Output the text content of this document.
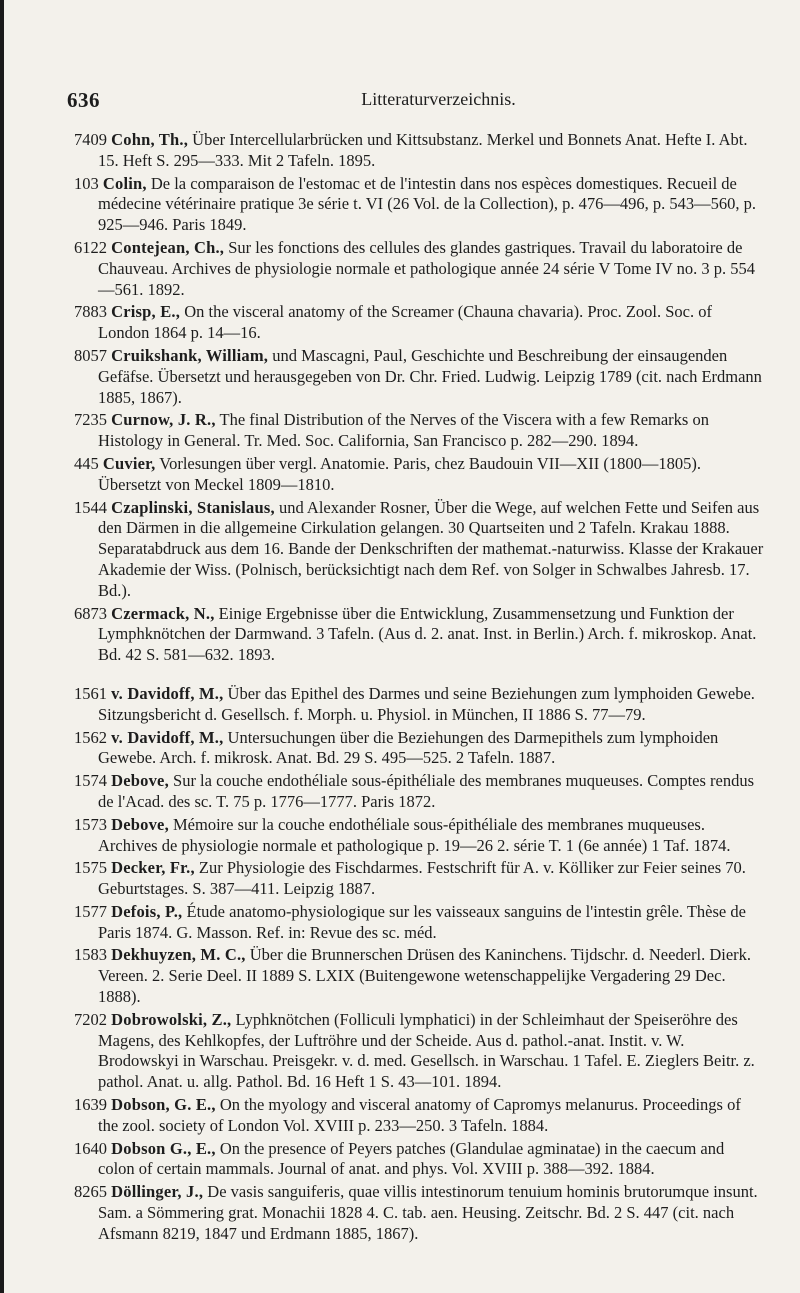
636	Litteraturverzeichnis.

7409 Cohn, Th., Über Intercellularbrücken und Kittsubstanz. Merkel und Bonnets Anat. Hefte I. Abt. 15. Heft S. 295—333. Mit 2 Tafeln. 1895.

103 Colin, De la comparaison de l'estomac et de l'intestin dans nos espèces domestiques. Recueil de médecine vétérinaire pratique 3e série t. VI (26 Vol. de la Collection), p. 476—496, p. 543—560, p. 925—946. Paris 1849.

6122 Contejean, Ch., Sur les fonctions des cellules des glandes gastriques. Travail du laboratoire de Chauveau. Archives de physiologie normale et pathologique année 24 série V Tome IV no. 3 p. 554—561. 1892.

7883 Crisp, E., On the visceral anatomy of the Screamer (Chauna chavaria). Proc. Zool. Soc. of London 1864 p. 14—16.

8057 Cruikshank, William, und Mascagni, Paul, Geschichte und Beschreibung der einsaugenden Gefäfse. Übersetzt und herausgegeben von Dr. Chr. Fried. Ludwig. Leipzig 1789 (cit. nach Erdmann 1885, 1867).

7235 Curnow, J. R., The final Distribution of the Nerves of the Viscera with a few Remarks on Histology in General. Tr. Med. Soc. California, San Francisco p. 282—290. 1894.

445 Cuvier, Vorlesungen über vergl. Anatomie. Paris, chez Baudouin VII—XII (1800—1805). Übersetzt von Meckel 1809—1810.

1544 Czaplinski, Stanislaus, und Alexander Rosner, Über die Wege, auf welchen Fette und Seifen aus den Därmen in die allgemeine Cirkulation gelangen. 30 Quartseiten und 2 Tafeln. Krakau 1888. Separatabdruck aus dem 16. Bande der Denkschriften der mathemat.-naturwiss. Klasse der Krakauer Akademie der Wiss. (Polnisch, berücksichtigt nach dem Ref. von Solger in Schwalbes Jahresb. 17. Bd.).

6873 Czermack, N., Einige Ergebnisse über die Entwicklung, Zusammensetzung und Funktion der Lymphknötchen der Darmwand. 3 Tafeln. (Aus d. 2. anat. Inst. in Berlin.) Arch. f. mikroskop. Anat. Bd. 42 S. 581—632. 1893.

1561 v. Davidoff, M., Über das Epithel des Darmes und seine Beziehungen zum lymphoiden Gewebe. Sitzungsbericht d. Gesellsch. f. Morph. u. Physiol. in München, II 1886 S. 77—79.

1562 v. Davidoff, M., Untersuchungen über die Beziehungen des Darmepithels zum lymphoiden Gewebe. Arch. f. mikrosk. Anat. Bd. 29 S. 495—525. 2 Tafeln. 1887.

1574 Debove, Sur la couche endothéliale sous-épithéliale des membranes muqueuses. Comptes rendus de l'Acad. des sc. T. 75 p. 1776—1777. Paris 1872.

1573 Debove, Mémoire sur la couche endothéliale sous-épithéliale des membranes muqueuses. Archives de physiologie normale et pathologique p. 19—26 2. série T. 1 (6e année) 1 Taf. 1874.

1575 Decker, Fr., Zur Physiologie des Fischdarmes. Festschrift für A. v. Kölliker zur Feier seines 70. Geburtstages. S. 387—411. Leipzig 1887.

1577 Defois, P., Étude anatomo-physiologique sur les vaisseaux sanguins de l'intestin grêle. Thèse de Paris 1874. G. Masson. Ref. in: Revue des sc. méd.

1583 Dekhuyzen, M. C., Über die Brunnerschen Drüsen des Kaninchens. Tijdschr. d. Neederl. Dierk. Vereen. 2. Serie Deel. II 1889 S. LXIX (Buitengewone wetenschappelijke Vergadering 29 Dec. 1888).

7202 Dobrowolski, Z., Lyphknötchen (Folliculi lymphatici) in der Schleimhaut der Speiseröhre des Magens, des Kehlkopfes, der Luftröhre und der Scheide. Aus d. pathol.-anat. Instit. v. W. Brodowskyi in Warschau. Preisgekr. v. d. med. Gesellsch. in Warschau. 1 Tafel. E. Zieglers Beitr. z. pathol. Anat. u. allg. Pathol. Bd. 16 Heft 1 S. 43—101. 1894.

1639 Dobson, G. E., On the myology and visceral anatomy of Capromys melanurus. Proceedings of the zool. society of London Vol. XVIII p. 233—250. 3 Tafeln. 1884.

1640 Dobson G., E., On the presence of Peyers patches (Glandulae agminatae) in the caecum and colon of certain mammals. Journal of anat. and phys. Vol. XVIII p. 388—392. 1884.

8265 Döllinger, J., De vasis sanguiferis, quae villis intestinorum tenuium hominis brutorumque insunt. Sam. a Sömmering grat. Monachii 1828 4. C. tab. aen. Heusing. Zeitschr. Bd. 2 S. 447 (cit. nach Afsmann 8219, 1847 und Erdmann 1885, 1867).
